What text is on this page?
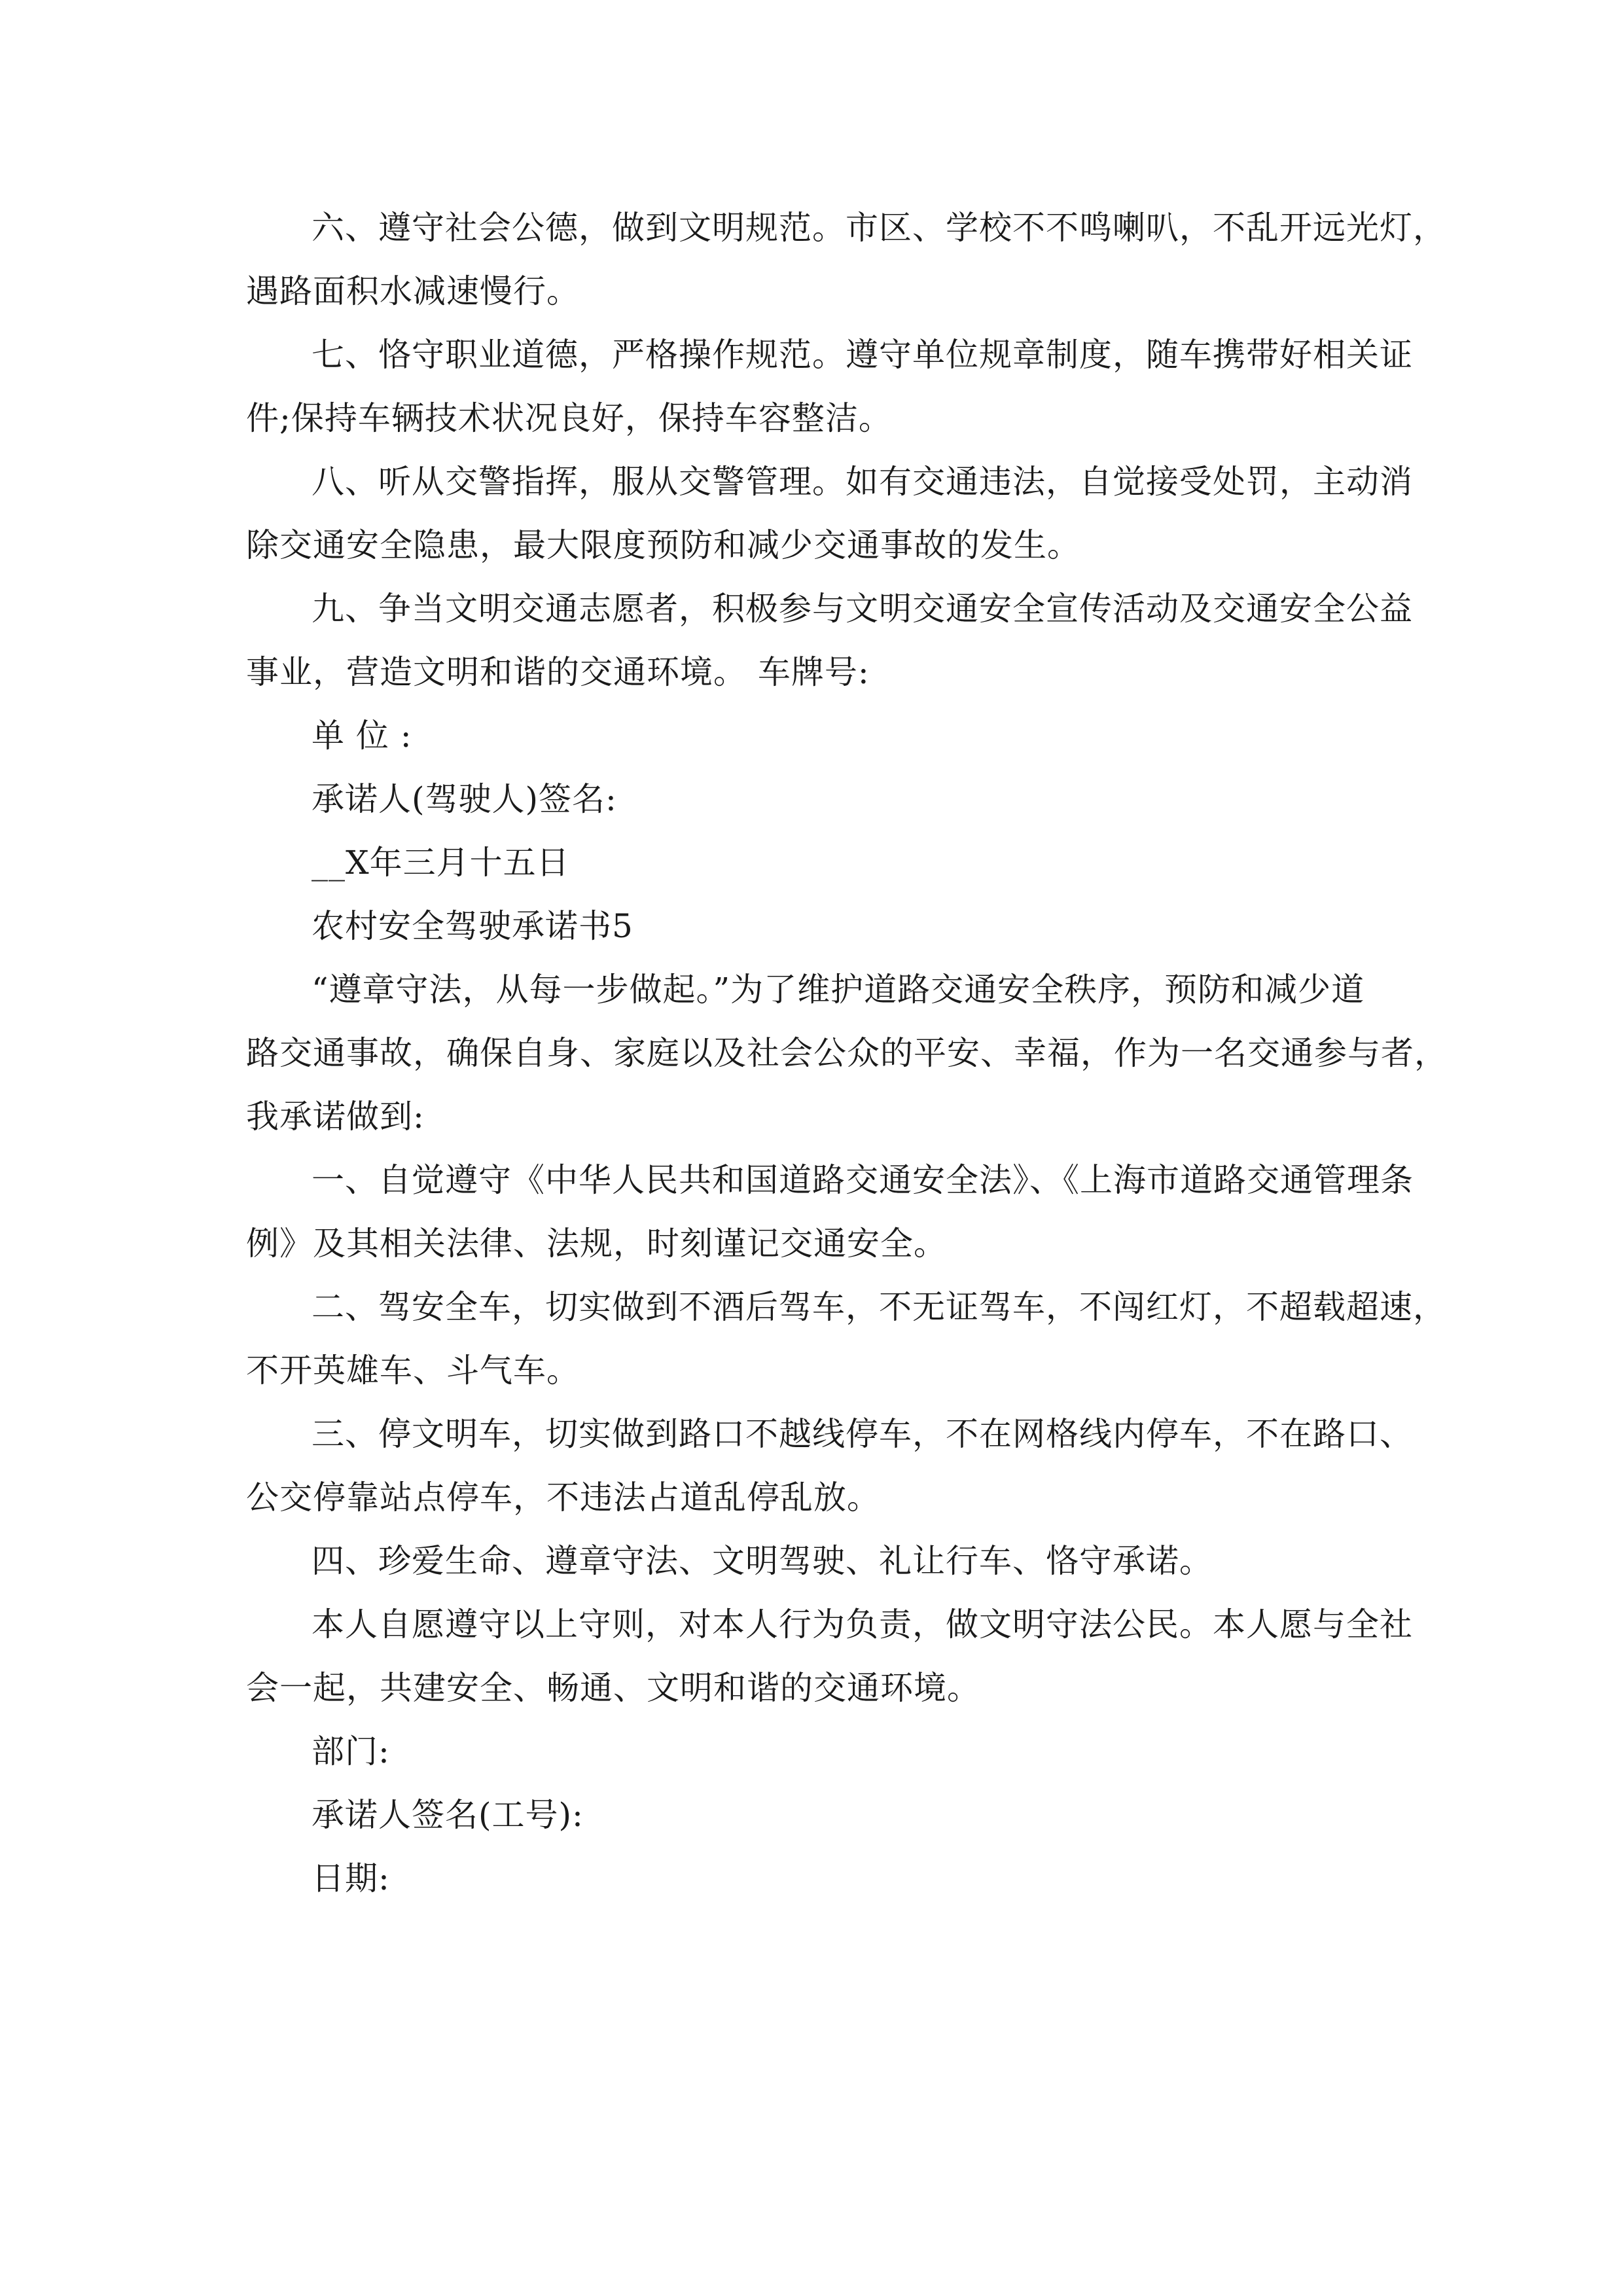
六、遵守社会公德，做到文明规范。市区、学校不不鸣喇叭，不乱开远光灯，
遇路面积水减速慢行。
七、恪守职业道德，严格操作规范。遵守单位规章制度，随车携带好相关证
件;保持车辆技术状况良好，保持车容整洁。
八、听从交警指挥，服从交警管理。如有交通违法，自觉接受处罚，主动消
除交通安全隐患，最大限度预防和减少交通事故的发生。
九、争当文明交通志愿者，积极参与文明交通安全宣传活动及交通安全公益
事业，营造文明和谐的交通环境。 车牌号:
单 位 :
承诺人(驾驶人)签名:
__X年三月十五日
农村安全驾驶承诺书5
“遵章守法，从每一步做起。”为了维护道路交通安全秩序，预防和减少道
路交通事故，确保自身、家庭以及社会公众的平安、幸福，作为一名交通参与者，
我承诺做到:
一、自觉遵守《中华人民共和国道路交通安全法》、《上海市道路交通管理条
例》及其相关法律、法规，时刻谨记交通安全。
二、驾安全车，切实做到不酒后驾车，不无证驾车，不闯红灯，不超载超速，
不开英雄车、斗气车。
三、停文明车，切实做到路口不越线停车，不在网格线内停车，不在路口、
公交停靠站点停车，不违法占道乱停乱放。
四、珍爱生命、遵章守法、文明驾驶、礼让行车、恪守承诺。
本人自愿遵守以上守则，对本人行为负责，做文明守法公民。本人愿与全社
会一起，共建安全、畅通、文明和谐的交通环境。
部门:
承诺人签名(工号):
日期:
